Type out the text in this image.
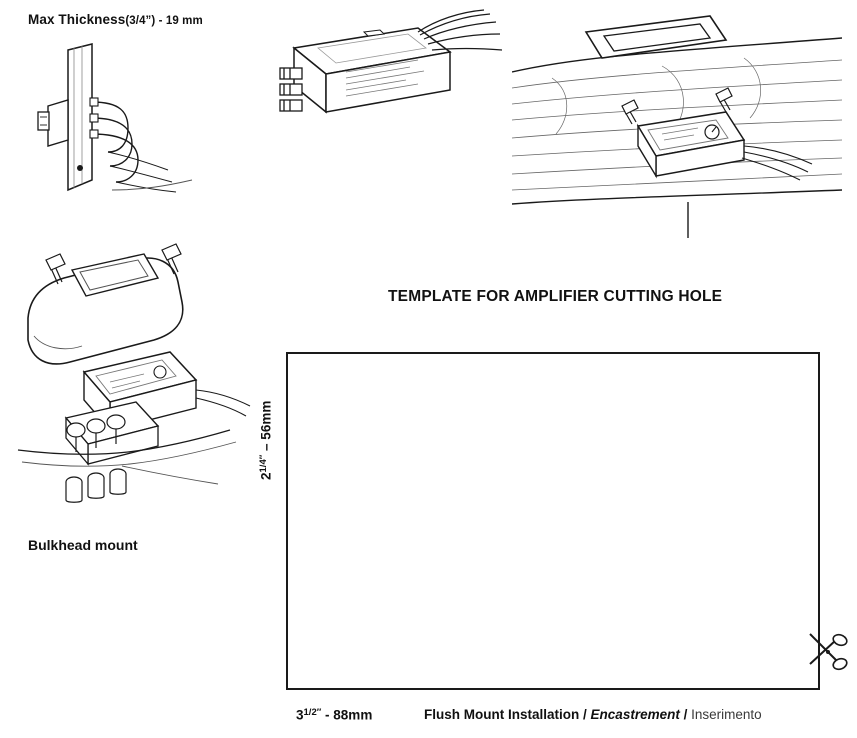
Max Thickness(3/4”) - 19 mm
Bulkhead mount
TEMPLATE FOR AMPLIFIER CUTTING HOLE
$2^{1/4''} - 56mm$
$3^{1/2''} - 88mm$	Flush Mount Installation / Encastrement / Inserimento
